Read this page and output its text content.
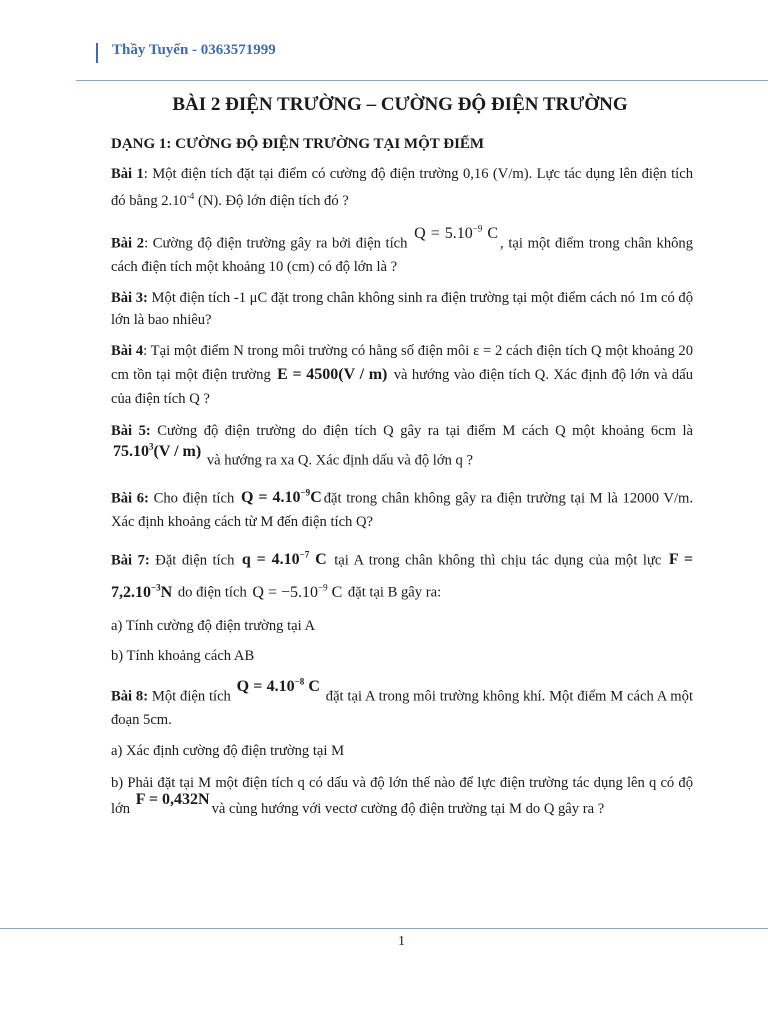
Thầy Tuyến - 0363571999
BÀI 2 ĐIỆN TRƯỜNG – CƯỜNG ĐỘ ĐIỆN TRƯỜNG

DẠNG 1: CƯỜNG ĐỘ ĐIỆN TRƯỜNG TẠI MỘT ĐIỂM

Bài 1: Một điện tích đặt tại điểm có cường độ điện trường 0,16 (V/m). Lực tác dụng lên điện tích đó bằng $2.10^{-4}$ (N). Độ lớn điện tích đó ?

Bài 2: Cường độ điện trường gây ra bởi điện tích $Q = 5.10^{-9}$ C, tại một điểm trong chân không cách điện tích một khoảng 10 (cm) có độ lớn là ?

Bài 3: Một điện tích -1 μC đặt trong chân không sinh ra điện trường tại một điểm cách nó 1m có độ lớn là bao nhiêu?

Bài 4: Tại một điểm N trong môi trường có hằng số điện môi ε = 2 cách điện tích Q một khoảng 20 cm tồn tại một điện trường E = 4500(V / m) và hướng vào điện tích Q. Xác định độ lớn và dấu của điện tích Q ?

Bài 5: Cường độ điện trường do điện tích Q gây ra tại điểm M cách Q một khoảng 6cm là 75.10$^3$(V / m) và hướng ra xa Q. Xác định dấu và độ lớn q ?

Bài 6: Cho điện tích $Q = 4.10^{-9}C$ đặt trong chân không gây ra điện trường tại M là 12000 V/m. Xác định khoảng cách từ M đến điện tích Q?

Bài 7: Đặt điện tích $q = 4.10^{-7}$ C tại A trong chân không thì chịu tác dụng của một lực $F = 7,2.10^{-3}N$ do điện tích $Q = -5.10^{-9}$ C đặt tại B gây ra:

a) Tính cường độ điện trường tại A

b) Tính khoảng cách AB

Bài 8: Một điện tích $Q = 4.10^{-8}$ C đặt tại A trong môi trường không khí. Một điểm M cách A một đoạn 5cm.

a) Xác định cường độ điện trường tại M

b) Phải đặt tại M một điện tích q có dấu và độ lớn thế nào để lực điện trường tác dụng lên q có độ lớn F = 0,432Nvà cùng hướng với vectơ cường độ điện trường tại M do Q gây ra ?

1
